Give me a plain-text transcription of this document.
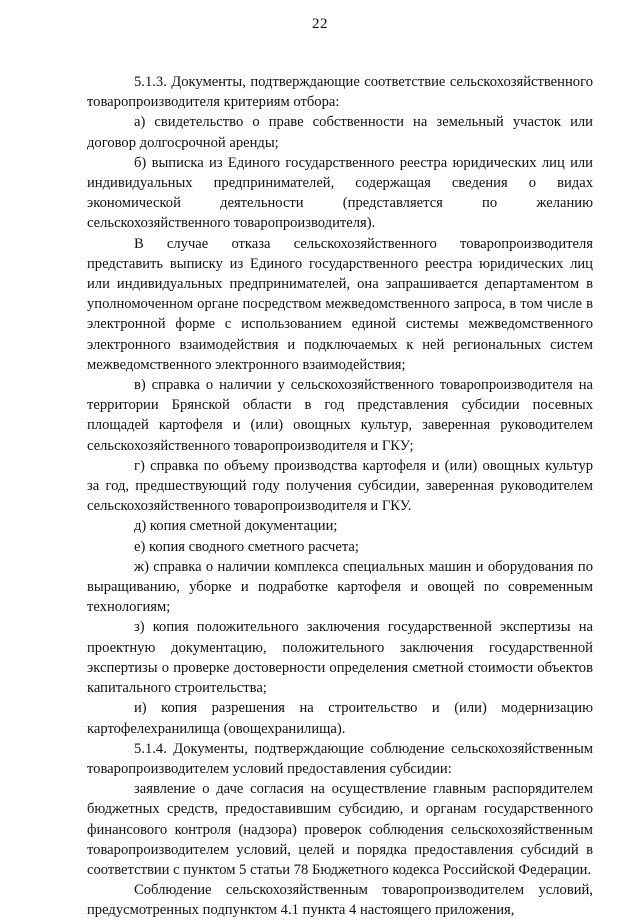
22

5.1.3. Документы, подтверждающие соответствие сельскохозяйственного товаропроизводителя критериям отбора:

а) свидетельство о праве собственности на земельный участок или договор долгосрочной аренды;

б) выписка из Единого государственного реестра юридических лиц или индивидуальных предпринимателей, содержащая сведения о видах экономической деятельности (представляется по желанию сельскохозяйственного товаропроизводителя).

В случае отказа сельскохозяйственного товаропроизводителя представить выписку из Единого государственного реестра юридических лиц или индивидуальных предпринимателей, она запрашивается департаментом в уполномоченном органе посредством межведомственного запроса, в том числе в электронной форме с использованием единой системы межведомственного электронного взаимодействия и подключаемых к ней региональных систем межведомственного электронного взаимодействия;

в) справка о наличии у сельскохозяйственного товаропроизводителя на территории Брянской области в год представления субсидии посевных площадей картофеля и (или) овощных культур, заверенная руководителем сельскохозяйственного товаропроизводителя и ГКУ;

г) справка по объему производства картофеля и (или) овощных культур за год, предшествующий году получения субсидии, заверенная руководителем сельскохозяйственного товаропроизводителя и ГКУ.

д) копия сметной документации;

е) копия сводного сметного расчета;

ж) справка о наличии комплекса специальных машин и оборудования по выращиванию, уборке и подработке картофеля и овощей по современным технологиям;

з) копия положительного заключения государственной экспертизы на проектную документацию, положительного заключения государственной экспертизы о проверке достоверности определения сметной стоимости объектов капитального строительства;

и) копия разрешения на строительство и (или) модернизацию картофелехранилища (овощехранилища).

5.1.4. Документы, подтверждающие соблюдение сельскохозяйственным товаропроизводителем условий предоставления субсидии:

заявление о даче согласия на осуществление главным распорядителем бюджетных средств, предоставившим субсидию, и органам государственного финансового контроля (надзора) проверок соблюдения сельскохозяйственным товаропроизводителем условий, целей и порядка предоставления субсидий в соответствии с пунктом 5 статьи 78 Бюджетного кодекса Российской Федерации.

Соблюдение сельскохозяйственным товаропроизводителем условий, предусмотренных подпунктом 4.1 пункта 4 настоящего приложения,
